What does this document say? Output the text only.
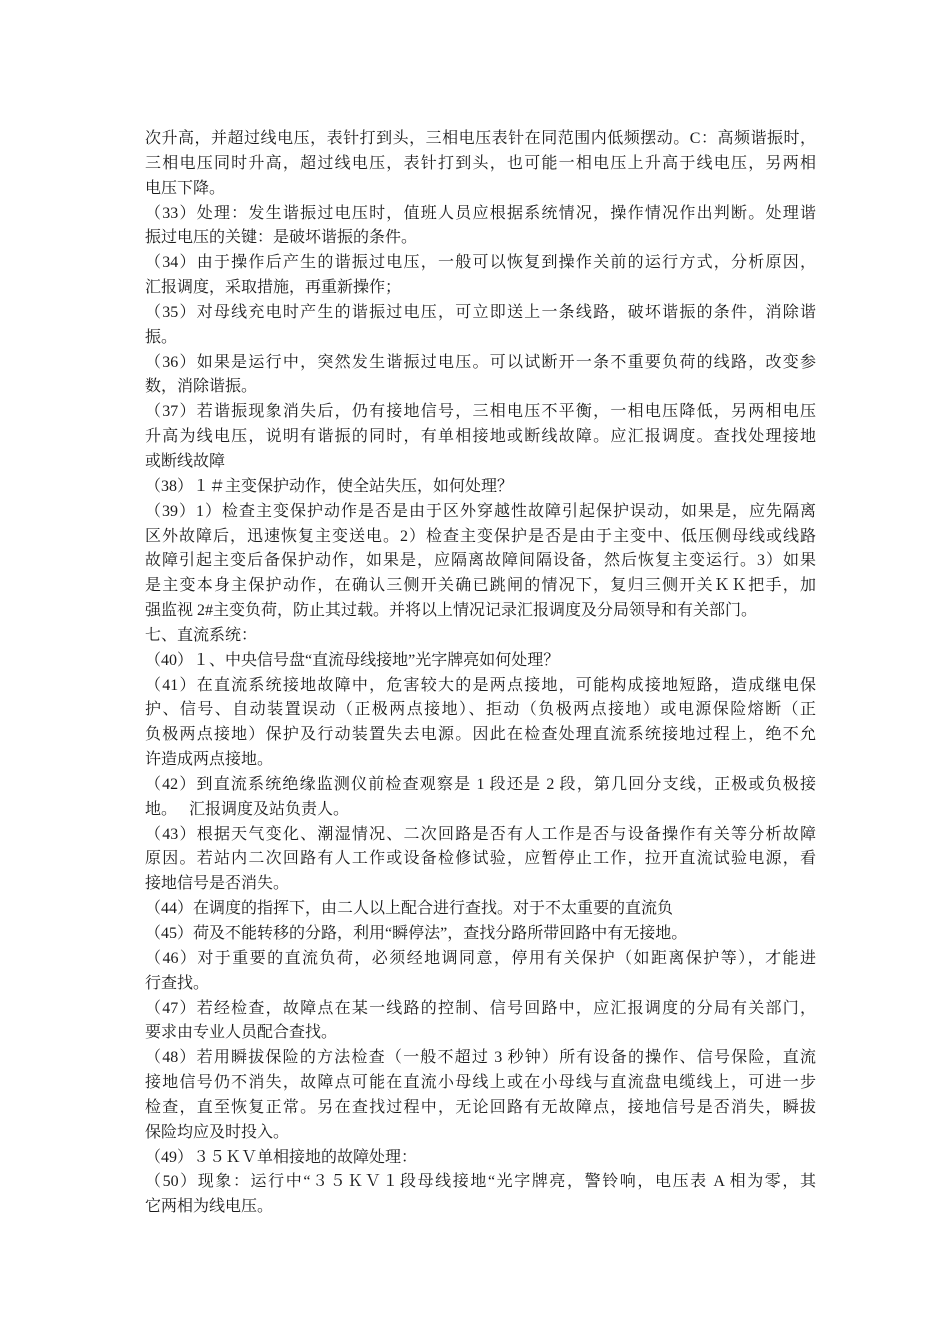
次升高，并超过线电压，表针打到头，三相电压表针在同范围内低频摆动。C：高频谐振时，
三相电压同时升高，超过线电压，表针打到头，也可能一相电压上升高于线电压，另两相
电压下降。
（33）处理：发生谐振过电压时，值班人员应根据系统情况，操作情况作出判断。处理谐
振过电压的关键：是破坏谐振的条件。
（34）由于操作后产生的谐振过电压，一般可以恢复到操作关前的运行方式，分析原因，
汇报调度，采取措施，再重新操作；
（35）对母线充电时产生的谐振过电压，可立即送上一条线路，破坏谐振的条件，消除谐
振。
（36）如果是运行中，突然发生谐振过电压。可以试断开一条不重要负荷的线路，改变参
数，消除谐振。
（37）若谐振现象消失后，仍有接地信号，三相电压不平衡，一相电压降低，另两相电压
升高为线电压，说明有谐振的同时，有单相接地或断线故障。应汇报调度。查找处理接地
或断线故障
（38）１＃主变保护动作，使全站失压，如何处理？
（39）1）检查主变保护动作是否是由于区外穿越性故障引起保护误动，如果是，应先隔离
区外故障后，迅速恢复主变送电。2）检查主变保护是否是由于主变中、低压侧母线或线路
故障引起主变后备保护动作，如果是，应隔离故障间隔设备，然后恢复主变运行。3）如果
是主变本身主保护动作，在确认三侧开关确已跳闸的情况下，复归三侧开关ＫＫ把手，加
强监视 2#主变负荷，防止其过载。并将以上情况记录汇报调度及分局领导和有关部门。
七、直流系统：
（40）１、中央信号盘“直流母线接地”光字牌亮如何处理？
（41）在直流系统接地故障中，危害较大的是两点接地，可能构成接地短路，造成继电保
护、信号、自动装置误动（正极两点接地）、拒动（负极两点接地）或电源保险熔断（正
负极两点接地）保护及行动装置失去电源。因此在检查处理直流系统接地过程上，绝不允
许造成两点接地。
（42）到直流系统绝缘监测仪前检查观察是 1 段还是 2 段，第几回分支线，正极或负极接
地。　 汇报调度及站负责人。
（43）根据天气变化、潮湿情况、二次回路是否有人工作是否与设备操作有关等分析故障
原因。若站内二次回路有人工作或设备检修试验，应暂停止工作，拉开直流试验电源，看
接地信号是否消失。
（44）在调度的指挥下，由二人以上配合进行查找。对于不太重要的直流负
（45）荷及不能转移的分路，利用“瞬停法”，查找分路所带回路中有无接地。
（46）对于重要的直流负荷，必须经地调同意，停用有关保护（如距离保护等），才能进
行查找。
（47）若经检查，故障点在某一线路的控制、信号回路中，应汇报调度的分局有关部门，
要求由专业人员配合查找。
（48）若用瞬拔保险的方法检查（一般不超过 3 秒钟）所有设备的操作、信号保险，直流
接地信号仍不消失，故障点可能在直流小母线上或在小母线与直流盘电缆线上，可进一步
检查，直至恢复正常。另在查找过程中，无论回路有无故障点，接地信号是否消失，瞬拔
保险均应及时投入。
（49）３５ＫＶ单相接地的故障处理：
（50）现象：运行中“３５ＫＶ１段母线接地“光字牌亮，警铃响，电压表 A 相为零，其
它两相为线电压。
